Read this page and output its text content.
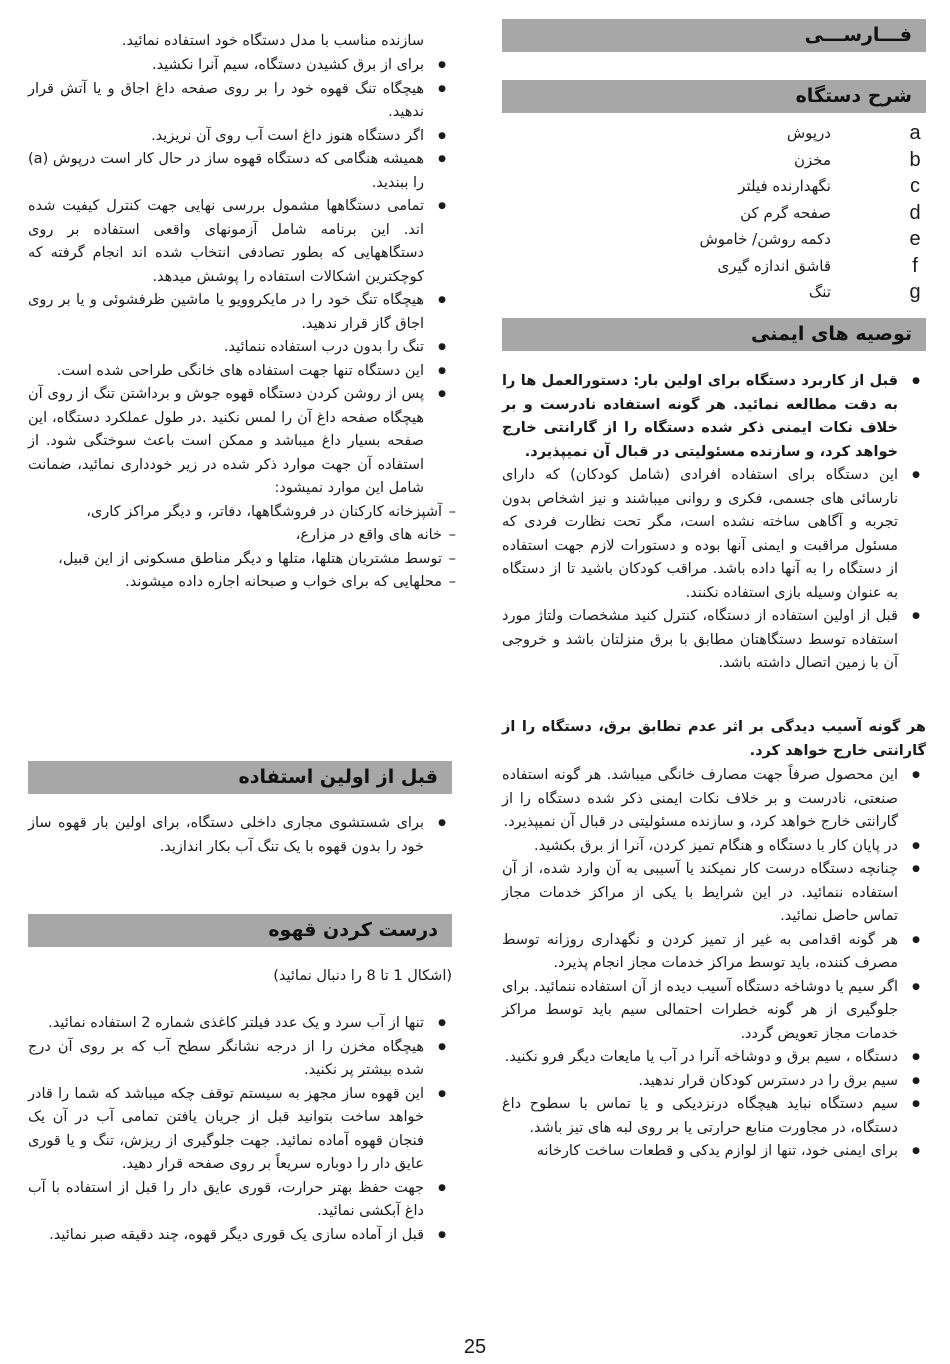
فـــارســـی
شرح دستگاه
a
درپوش
b
مخزن
c
نگهدارنده فیلتر
d
صفحه گرم کن
e
دکمه روشن/ خاموش
f
قاشق اندازه گیری
g
تنگ
توصیه های ایمنی
● قبل از کاربرد دستگاه برای اولین بار: دستورالعمل ها را به دقت مطالعه نمائید. هر گونه استفاده نادرست و بر خلاف نکات ایمنی ذکر شده دستگاه را از گارانتی خارج خواهد کرد، و سازنده مسئولیتی در قبال آن نمیپذیرد.
● این دستگاه برای استفاده افرادی (شامل کودکان) که دارای نارسائی های جسمی، فکری و روانی میباشند و نیز اشخاص بدون تجربه و آگاهی ساخته نشده است، مگر تحت نظارت فردی که مسئول مراقبت و ایمنی آنها بوده و دستورات لازم جهت استفاده از دستگاه را به آنها داده باشد. مراقب کودکان باشید تا از دستگاه به عنوان وسیله بازی استفاده نکنند.
● قبل از اولین استفاده از دستگاه، کنترل کنید مشخصات ولتاژ مورد استفاده توسط دستگاهتان مطابق با برق منزلتان باشد و خروجی آن با زمین اتصال داشته باشد.
هر گونه آسیب دیدگی بر اثر عدم تطابق برق، دستگاه را از گارانتی خارج خواهد کرد.
● این محصول صرفاً جهت مصارف خانگی میباشد. هر گونه استفاده صنعتی، نادرست و بر خلاف نکات ایمنی ذکر شده دستگاه را از گارانتی خارج خواهد کرد، و سازنده مسئولیتی در قبال آن نمیپذیرد.
● در پایان کار با دستگاه و هنگام تمیز کردن، آنرا از برق بکشید.
● چنانچه دستگاه درست کار نمیکند یا آسیبی به آن وارد شده، از آن استفاده ننمائید. در این شرایط با یکی از مراکز خدمات مجاز تماس حاصل نمائید.
● هر گونه اقدامی به غیر از تمیز کردن و نگهداری روزانه توسط مصرف کننده، باید توسط مراکز خدمات مجاز انجام پذیرد.
● اگر سیم یا دوشاخه دستگاه آسیب دیده از آن استفاده ننمائید. برای جلوگیری از هر گونه خطرات احتمالی سیم باید توسط مراکز خدمات مجاز تعویض گردد.
● دستگاه ، سیم برق و دوشاخه آنرا در آب یا مایعات دیگر فرو نکنید.
● سیم برق را در دسترس کودکان قرار ندهید.
● سیم دستگاه نباید هیچگاه درنزدیکی و یا تماس با سطوح داغ دستگاه، در مجاورت منابع حرارتی یا بر روی لبه های تیز باشد.
● برای ایمنی خود، تنها از لوازم یدکی و قطعات ساخت کارخانه
سازنده مناسب با مدل دستگاه خود استفاده نمائید.
● برای از برق کشیدن دستگاه، سیم آنرا نکشید.
● هیچگاه تنگ قهوه خود را بر روی صفحه داغ اجاق و یا آتش قرار ندهید.
● اگر دستگاه هنوز داغ است آب روی آن نریزید.
● همیشه هنگامی که دستگاه قهوه ساز در حال کار است درپوش (a) را ببندید.
● تمامی دستگاهها مشمول بررسی نهایی جهت کنترل کیفیت شده اند. این برنامه شامل آزمونهای واقعی استفاده بر روی دستگاههایی که بطور تصادفی انتخاب شده اند انجام گرفته که کوچکترین اشکالات استفاده را پوشش میدهد.
● هیچگاه تنگ خود را در مایکروویو یا ماشین ظرفشوئی و یا بر روی اجاق گاز قرار ندهید.
● تنگ را بدون درب استفاده ننمائید.
● این دستگاه تنها جهت استفاده های خانگی طراحی شده است.
● پس از روشن کردن دستگاه قهوه جوش و برداشتن تنگ از روی آن هیچگاه صفحه داغ آن را لمس نکنید .در طول عملکرد دستگاه، این صفحه بسیار داغ میباشد و ممکن است باعث سوختگی شود. از استفاده آن جهت موارد ذکر شده در زیر خودداری نمائید، ضمانت شامل این موارد نمیشود:
– آشپزخانه کارکنان در فروشگاهها، دفاتر، و دیگر مراکز کاری،
– خانه های واقع در مزارع،
– توسط مشتریان هتلها، متلها و دیگر مناطق مسکونی از این قبیل،
– محلهایی که برای خواب و صبحانه اجاره داده میشوند.
قبل از اولین استفاده
● برای شستشوی مجاری داخلی دستگاه، برای اولین بار قهوه ساز خود را بدون قهوه با یک تنگ آب بکار اندازید.
درست کردن قهوه
(اشکال 1 تا 8 را دنبال نمائید)
● تنها از آب سرد و یک عدد فیلتر کاغذی شماره 2 استفاده نمائید.
● هیچگاه مخزن را از درجه نشانگر سطح آب که بر روی آن درج شده بیشتر پر نکنید.
● این قهوه ساز مجهز به سیستم توقف چکه میباشد که شما را قادر خواهد ساخت بتوانید قبل از جریان یافتن تمامی آب در آن یک فنجان قهوه آماده نمائید. جهت جلوگیری از ریزش، تنگ و یا قوری عایق دار را دوباره سریعاً بر روی صفحه قرار دهید.
● جهت حفظ بهتر حرارت، قوری عایق دار را قبل از استفاده با آب داغ آبکشی نمائید.
● قبل از آماده سازی یک قوری دیگر قهوه، چند دقیقه صبر نمائید.
25
